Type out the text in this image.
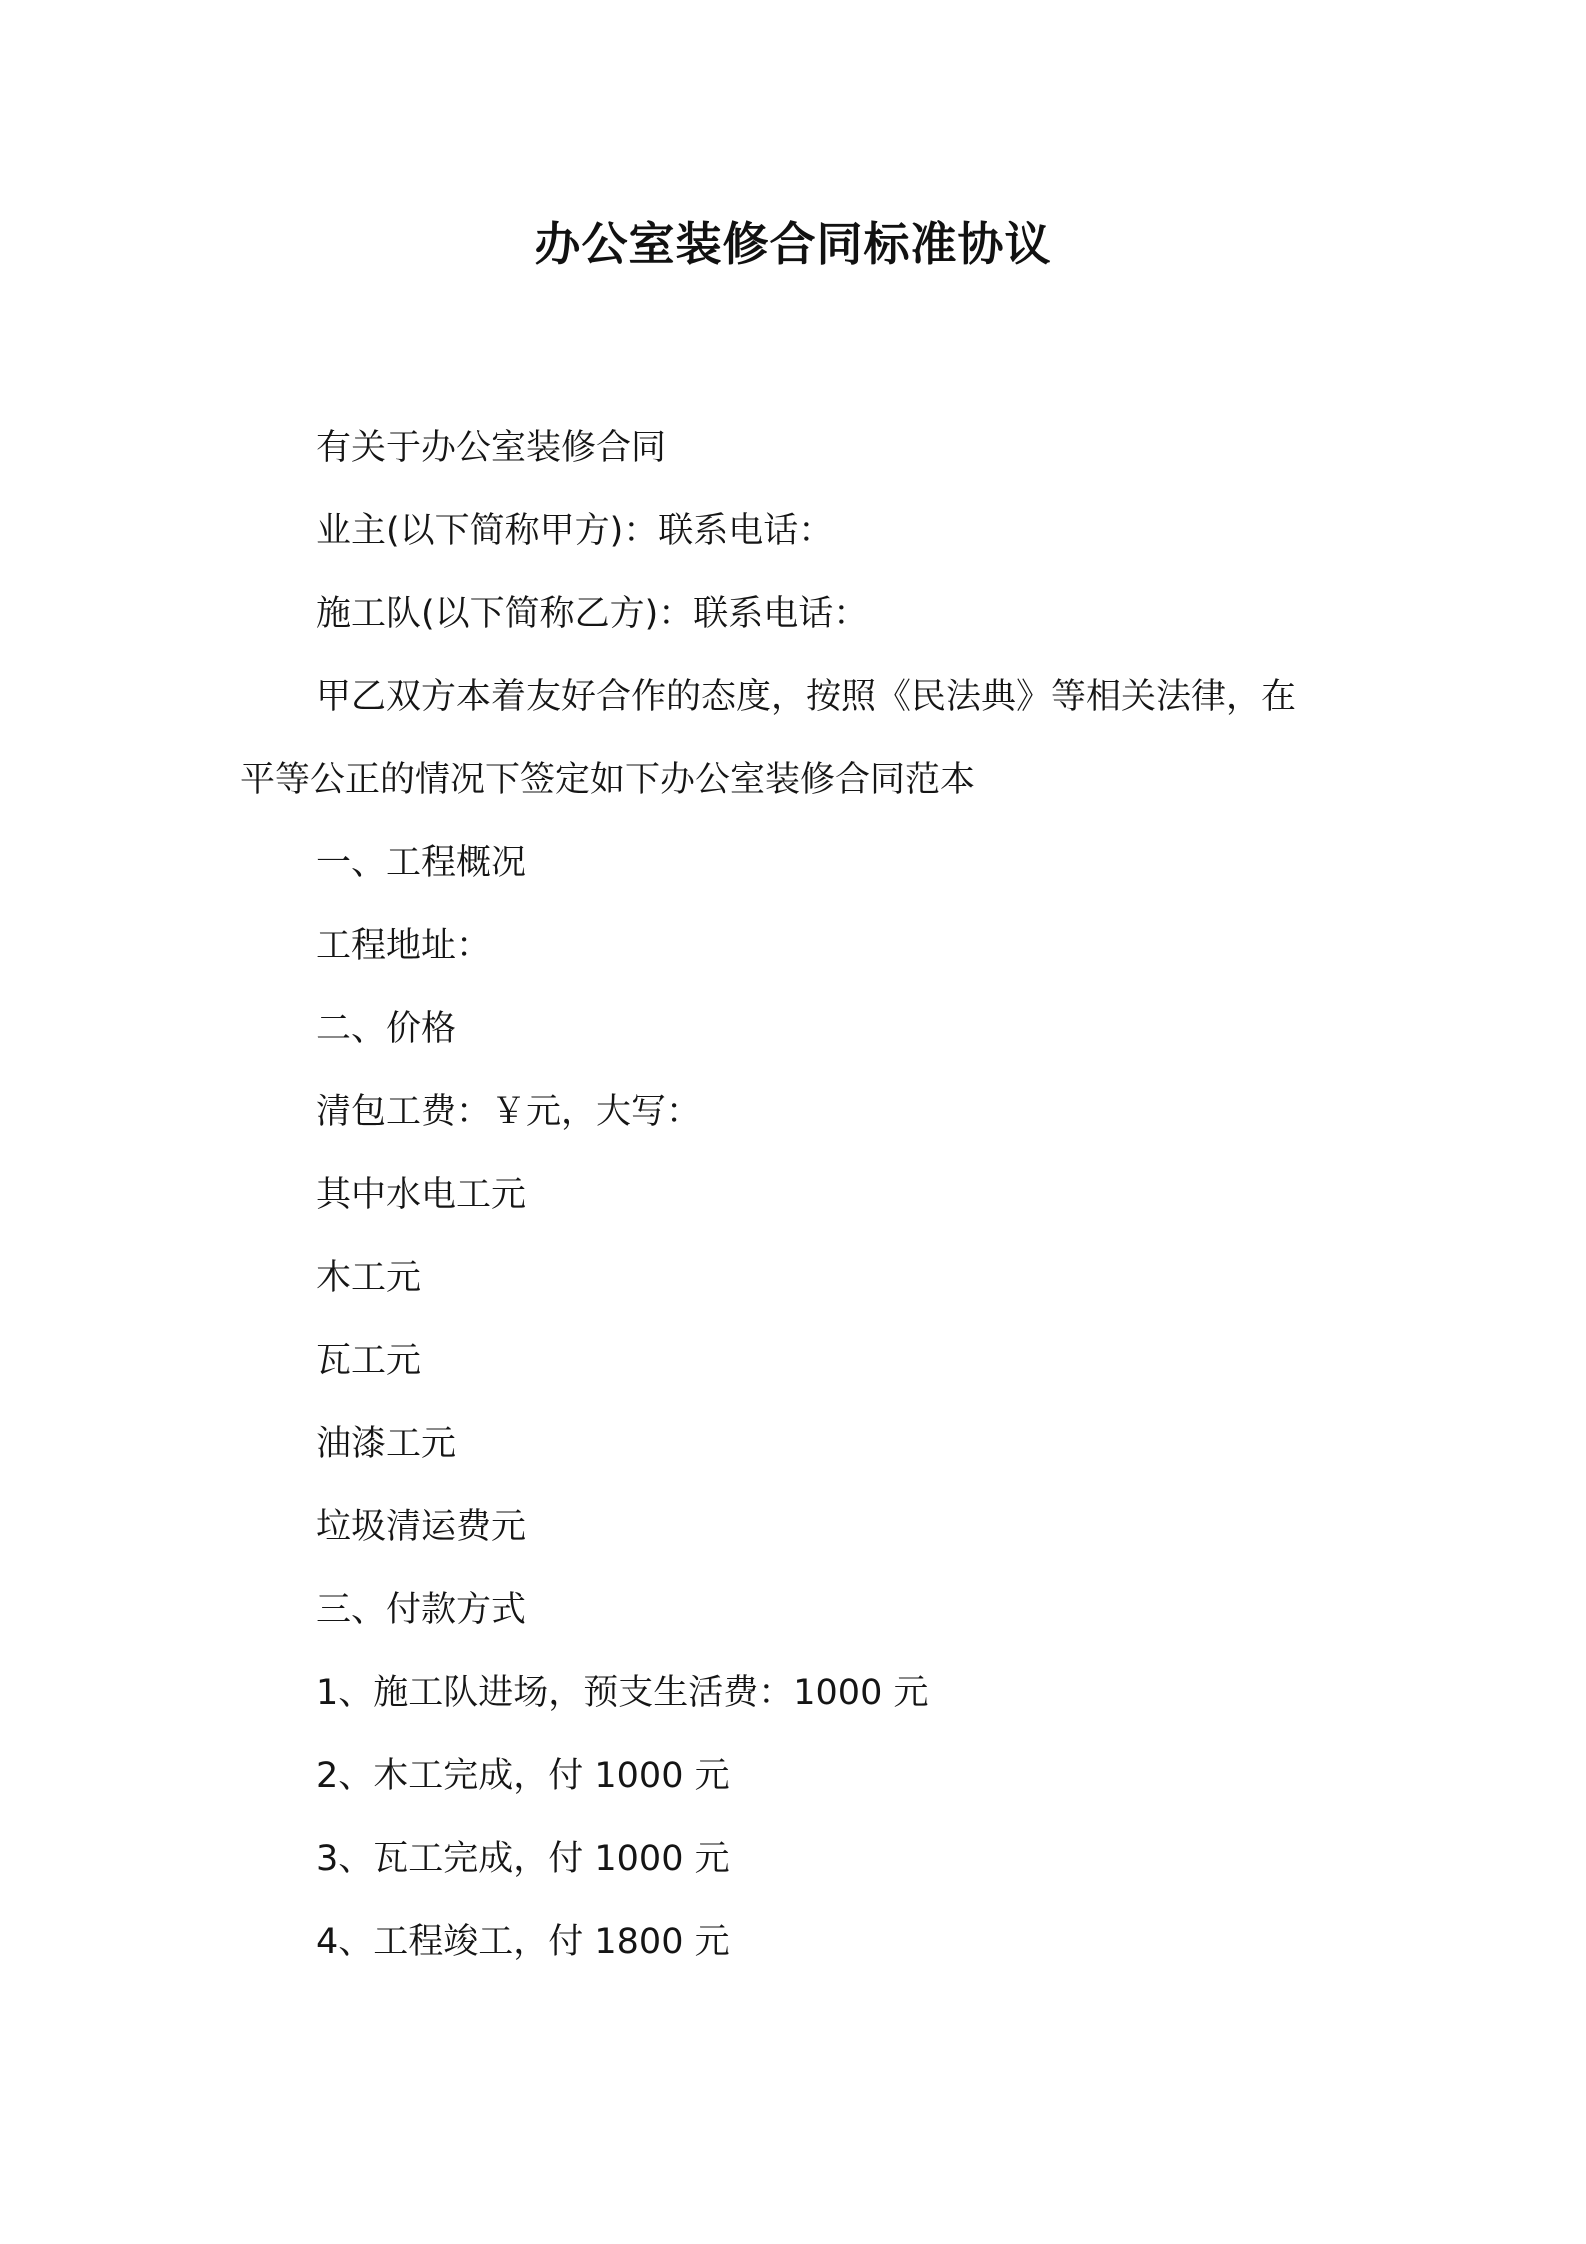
办公室装修合同标准协议

有关于办公室装修合同

业主(以下简称甲方)：联系电话：

施工队(以下简称乙方)：联系电话：

甲乙双方本着友好合作的态度，按照《民法典》等相关法律，在

平等公正的情况下签定如下办公室装修合同范本

一、工程概况

工程地址：

二、价格

清包工费：￥元，大写：

其中水电工元

木工元

瓦工元

油漆工元

垃圾清运费元

三、付款方式

1、施工队进场，预支生活费：1000 元

2、木工完成，付 1000 元

3、瓦工完成，付 1000 元

4、工程竣工，付 1800 元
